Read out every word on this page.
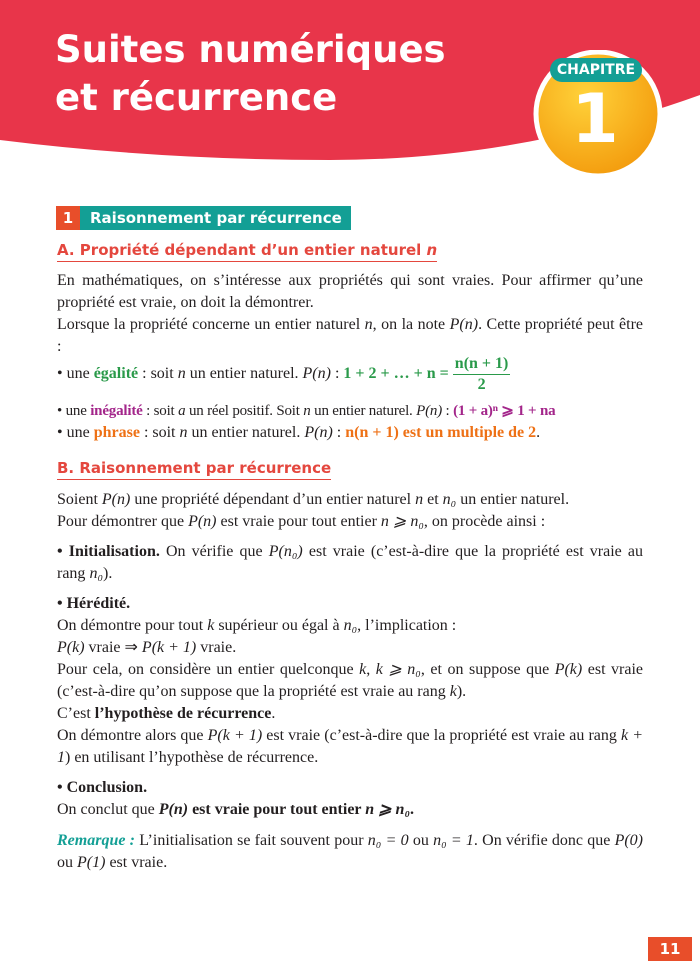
Suites numériques
et récurrence
CHAPITRE
1
1	Raisonnement par récurrence
A. Propriété dépendant d’un entier naturel n

En mathématiques, on s’intéresse aux propriétés qui sont vraies. Pour affirmer qu’une propriété est vraie, on doit la démontrer.

Lorsque la propriété concerne un entier naturel n, on la note P(n). Cette propriété peut être :

• une égalité : soit n un entier naturel. P(n) : 1 + 2 + … + $n = \frac{n(n + 1)}{2}$

• une inégalité : soit a un réel positif. Soit n un entier naturel. P(n) : (1 + a)ⁿ ⩾ 1 + na

• une phrase : soit n un entier naturel. P(n) : n(n + 1) est un multiple de 2.

B. Raisonnement par récurrence

Soient P(n) une propriété dépendant d’un entier naturel n et n₀ un entier naturel.

Pour démontrer que P(n) est vraie pour tout entier n ⩾ n₀, on procède ainsi :

• Initialisation. On vérifie que P(n₀) est vraie (c’est-à-dire que la propriété est vraie au rang n₀).

• Hérédité.

On démontre pour tout k supérieur ou égal à n₀, l’implication :

P(k) vraie ⇒ P(k + 1) vraie.

Pour cela, on considère un entier quelconque k, k ⩾ n₀, et on suppose que P(k) est vraie (c’est-à-dire qu’on suppose que la propriété est vraie au rang k).

C’est l’hypothèse de récurrence.

On démontre alors que P(k + 1) est vraie (c’est-à-dire que la propriété est vraie au rang k + 1) en utilisant l’hypothèse de récurrence.

• Conclusion.

On conclut que P(n) est vraie pour tout entier n ⩾ n₀.

Remarque : L’initialisation se fait souvent pour n₀ = 0 ou n₀ = 1. On vérifie donc que P(0) ou P(1) est vraie.

11
